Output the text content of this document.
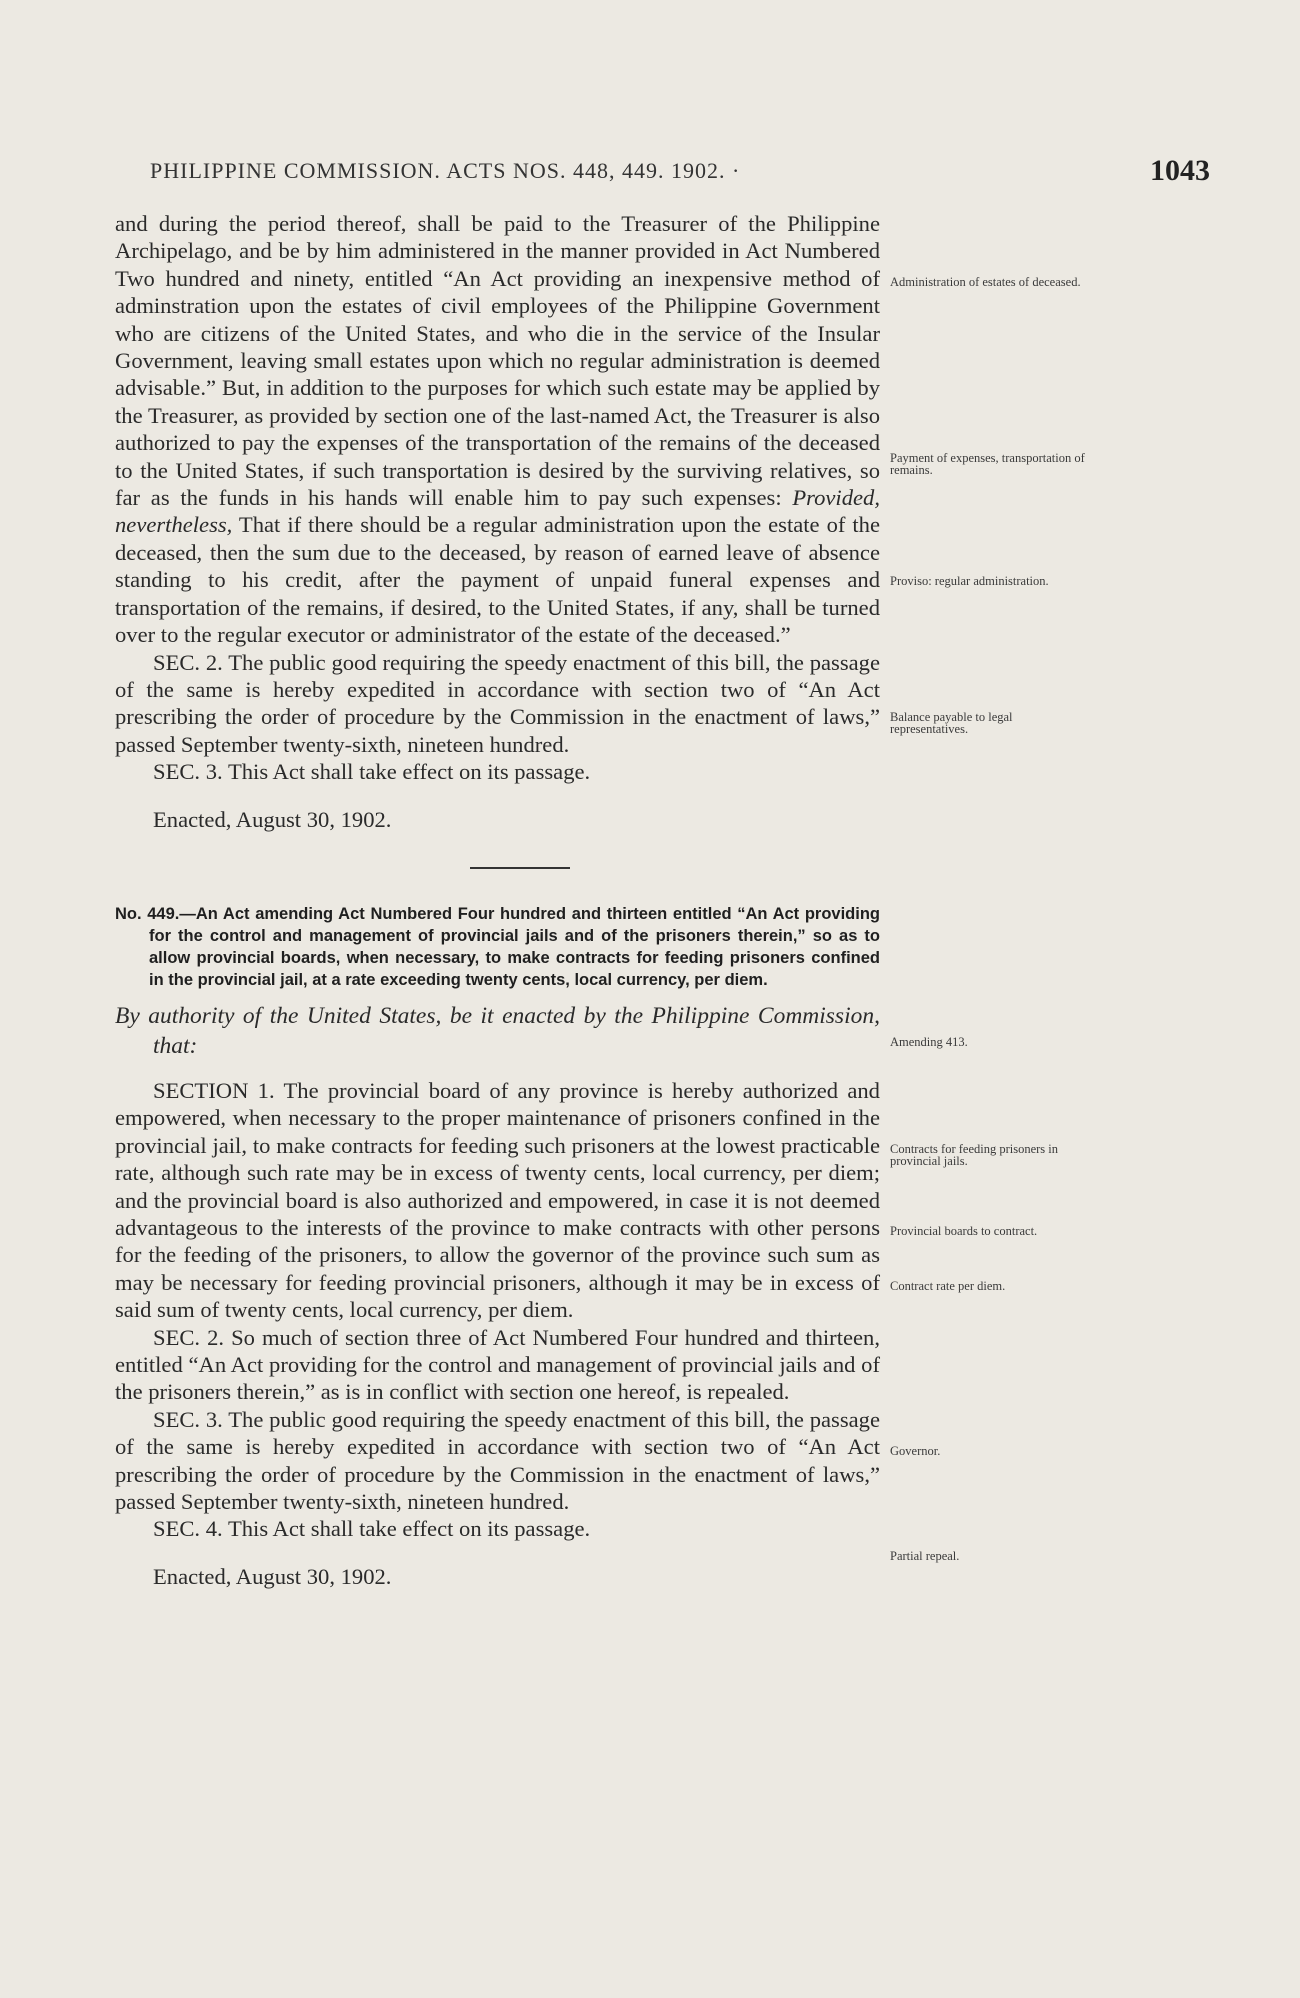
PHILIPPINE COMMISSION. ACTS NOS. 448, 449. 1902. ·	1043

and during the period thereof, shall be paid to the Treasurer of the Philippine Archipelago, and be by him administered in the manner provided in Act Numbered Two hundred and ninety, entitled “An Act providing an inexpensive method of adminstration upon the estates of civil employees of the Philippine Government who are citizens of the United States, and who die in the service of the Insular Government, leaving small estates upon which no regular administration is deemed advisable.” But, in addition to the purposes for which such estate may be applied by the Treasurer, as provided by section one of the last-named Act, the Treasurer is also authorized to pay the expenses of the transportation of the remains of the deceased to the United States, if such transportation is desired by the surviving relatives, so far as the funds in his hands will enable him to pay such expenses: Provided, nevertheless, That if there should be a regular administration upon the estate of the deceased, then the sum due to the deceased, by reason of earned leave of absence standing to his credit, after the payment of unpaid funeral expenses and transportation of the remains, if desired, to the United States, if any, shall be turned over to the regular executor or administrator of the estate of the deceased.”

SEC. 2. The public good requiring the speedy enactment of this bill, the passage of the same is hereby expedited in accordance with section two of “An Act prescribing the order of procedure by the Commission in the enactment of laws,” passed September twenty-sixth, nineteen hundred.

SEC. 3. This Act shall take effect on its passage.

Enacted, August 30, 1902.

No. 449.—An Act amending Act Numbered Four hundred and thirteen entitled “An Act providing for the control and management of provincial jails and of the prisoners therein,” so as to allow provincial boards, when necessary, to make contracts for feeding prisoners confined in the provincial jail, at a rate exceeding twenty cents, local currency, per diem.

By authority of the United States, be it enacted by the Philippine Commission, that:

SECTION 1. The provincial board of any province is hereby authorized and empowered, when necessary to the proper maintenance of prisoners confined in the provincial jail, to make contracts for feeding such prisoners at the lowest practicable rate, although such rate may be in excess of twenty cents, local currency, per diem; and the provincial board is also authorized and empowered, in case it is not deemed advantageous to the interests of the province to make contracts with other persons for the feeding of the prisoners, to allow the governor of the province such sum as may be necessary for feeding provincial prisoners, although it may be in excess of said sum of twenty cents, local currency, per diem.

SEC. 2. So much of section three of Act Numbered Four hundred and thirteen, entitled “An Act providing for the control and management of provincial jails and of the prisoners therein,” as is in conflict with section one hereof, is repealed.

SEC. 3. The public good requiring the speedy enactment of this bill, the passage of the same is hereby expedited in accordance with section two of “An Act prescribing the order of procedure by the Commission in the enactment of laws,” passed September twenty-sixth, nineteen hundred.

SEC. 4. This Act shall take effect on its passage.

Enacted, August 30, 1902.

Administration of estates of deceased.
Payment of expenses, transportation of remains.
Proviso: regular administration.
Balance payable to legal representatives.
Amending 413.
Contracts for feeding prisoners in provincial jails.
Provincial boards to contract.
Contract rate per diem.
Governor.
Partial repeal.
